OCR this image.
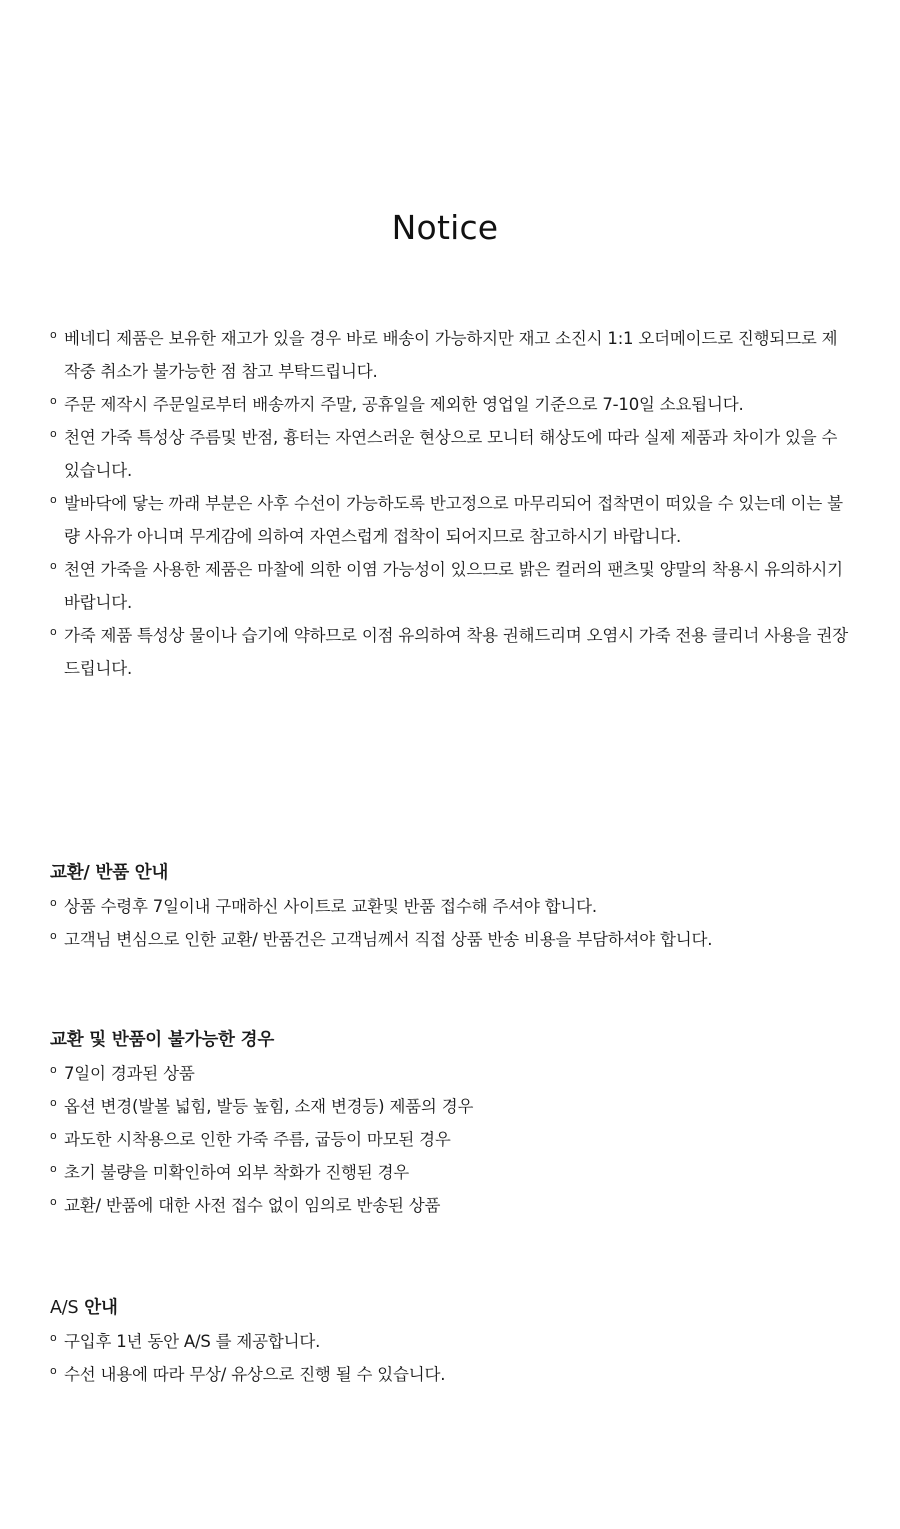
Notice
o 베네디 제품은 보유한 재고가 있을 경우 바로 배송이 가능하지만 재고 소진시 1:1 오더메이드로 진행되므로 제작중 취소가 불가능한 점 참고 부탁드립니다.
o 주문 제작시 주문일로부터 배송까지 주말, 공휴일을 제외한 영업일 기준으로 7-10일 소요됩니다.
o 천연 가죽 특성상 주름및 반점, 흉터는 자연스러운 현상으로 모니터 해상도에 따라 실제 제품과 차이가 있을 수 있습니다.
o 발바닥에 닿는 까래 부분은 사후 수선이 가능하도록 반고정으로 마무리되어 접착면이 떠있을 수 있는데 이는 불량 사유가 아니며 무게감에 의하여 자연스럽게 접착이 되어지므로 참고하시기 바랍니다.
o 천연 가죽을 사용한 제품은 마찰에 의한 이염 가능성이 있으므로 밝은 컬러의 팬츠및 양말의 착용시 유의하시기 바랍니다.
o 가죽 제품 특성상 물이나 습기에 약하므로 이점 유의하여 착용 권해드리며 오염시 가죽 전용 클리너 사용을 권장 드립니다.
교환/ 반품 안내
o 상품 수령후 7일이내 구매하신 사이트로 교환및 반품 접수해 주셔야 합니다.
o 고객님 변심으로 인한 교환/ 반품건은 고객님께서 직접 상품 반송 비용을 부담하셔야 합니다.
교환 및 반품이 불가능한 경우
o 7일이 경과된 상품
o 옵션 변경(발볼 넓힘, 발등 높힘, 소재 변경등) 제품의 경우
o 과도한 시착용으로 인한 가죽 주름, 굽등이 마모된 경우
o 초기 불량을 미확인하여 외부 착화가 진행된 경우
o 교환/ 반품에 대한 사전 접수 없이 임의로 반송된 상품
A/S 안내
o 구입후 1년 동안 A/S 를 제공합니다.
o 수선 내용에 따라 무상/ 유상으로 진행 될 수 있습니다.
